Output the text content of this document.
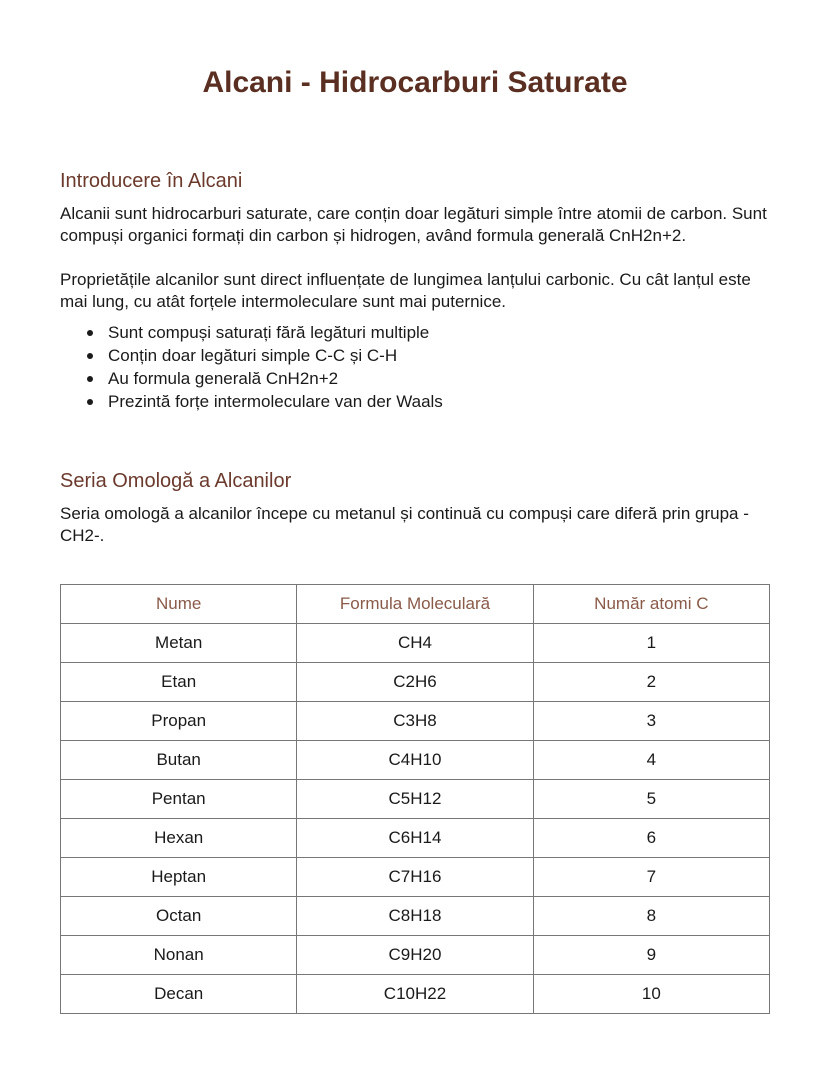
Alcani - Hidrocarburi Saturate
Introducere în Alcani

Alcanii sunt hidrocarburi saturate, care conțin doar legături simple între atomii de carbon. Sunt compuși organici formați din carbon și hidrogen, având formula generală CnH2n+2.

Proprietățile alcanilor sunt direct influențate de lungimea lanțului carbonic. Cu cât lanțul este mai lung, cu atât forțele intermoleculare sunt mai puternice.

Sunt compuși saturați fără legături multiple
Conțin doar legături simple C-C și C-H
Au formula generală CnH2n+2
Prezintă forțe intermoleculare van der Waals
Seria Omologă a Alcanilor

Seria omologă a alcanilor începe cu metanul și continuă cu compuși care diferă prin grupa -CH2-.

Nume	Formula Moleculară	Număr atomi C
Metan	CH4	1
Etan	C2H6	2
Propan	C3H8	3
Butan	C4H10	4
Pentan	C5H12	5
Hexan	C6H14	6
Heptan	C7H16	7
Octan	C8H18	8
Nonan	C9H20	9
Decan	C10H22	10
